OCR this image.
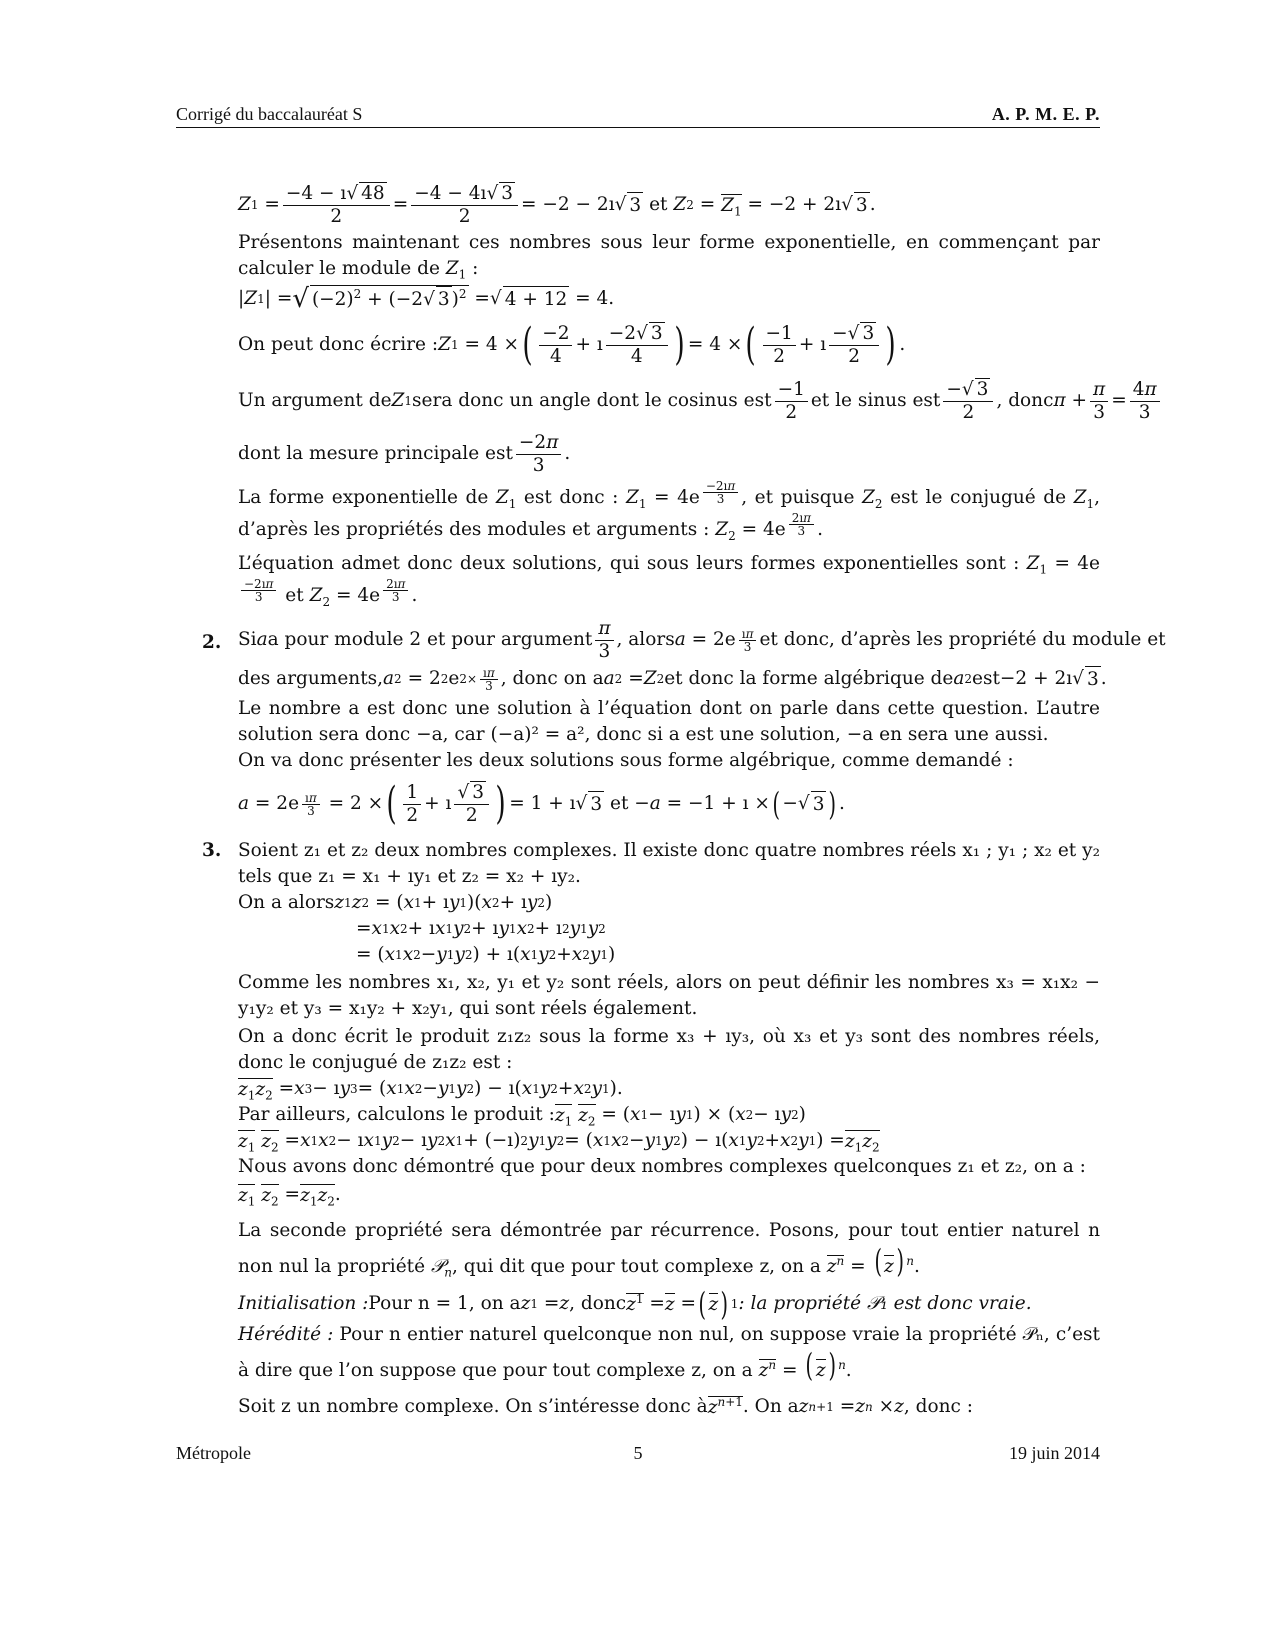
Corrigé du baccalauréat S	A. P. M. E. P.
Z $1 = \frac{-4 - ı√ 48}{2} = \frac{-4 - 4ı√ 3}{2} = -2$ − 2ı √ 3 et Z $2 = Z_1 = -2$ + 2ı √ 3 .
Présentons maintenant ces nombres sous leur forme exponentielle, en commençant par calculer le module de $Z_1$ :
| Z 1 | = √ $(-2)^2 + (-2√$ 3 )$^2$ = √ 4 + 12 = 4.
On peut donc écrire : Z 1 = 4 × ( $\frac{-2}{4}$ + ı $\frac{-2√ 3}{4}$ ) = 4 × ( $\frac{-1}{2}$ + ı $\frac{-√ 3}{2}$ ) .
Un argument de Z 1 sera donc un angle dont le cosinus est $\frac{-1}{2}$ et le sinus est $\frac{-√ 3}{2}$ , donc $\pi + \frac{\pi}{3} = \frac{4\pi}{3}$
dont la mesure principale est $\frac{-2\pi}{3}$ .
La forme exponentielle de $Z_1$ est donc : $Z_1 = 4e$ $^{\frac{-2ı\pi}{3}}$ , et puisque $Z_2$ est le conjugué de $Z_1$, d’après les propriétés des modules et arguments : $Z_2 = 4e$ $^{\frac{2ı\pi}{3}}$ .
L’équation admet donc deux solutions, qui sous leurs formes exponentielles sont : $Z_1 = 4e$
$^{\frac{-2ı\pi}{3}}$ et $Z_2 = 4e$ $^{\frac{2ı\pi}{3}}$ .
2. Si a a pour module 2 et pour argument $\frac{\pi}{3}$ , alors $a = 2e \frac{ı\pi}{3}$ et donc, d’après les propriété du module et
des arguments, a 2 = 2 2 e $2\times \frac{ı\pi}{3}$ , donc on a a 2 = Z 2 et donc la forme algébrique de a 2 est −2 + 2ı √ 3 .
Le nombre a est donc une solution à l’équation dont on parle dans cette question. L’autre solution sera donc −a, car (−a)² = a², donc si a est une solution, −a en sera une aussi.
On va donc présenter les deux solutions sous forme algébrique, comme demandé :
$a = 2e \frac{ı\pi}{3} = 2$ × ( $\frac{1}{2}$ + ı $\frac{√ 3}{2}$ ) = 1 + ı √ 3 et − a = −1 + ı × ( − √ 3 ) .
3. Soient z₁ et z₂ deux nombres complexes. Il existe donc quatre nombres réels x₁ ; y₁ ; x₂ et y₂ tels que z₁ = x₁ + ıy₁ et z₂ = x₂ + ıy₂.
On a alors z 1 z 2 = ( x 1 + ı y 1 )( x 2 + ı y 2 )
= x 1 x 2 + ı x 1 y 2 + ı y 1 x 2 + ı 2 y 1 y 2
= ( x 1 x 2 − y 1 y 2 ) + ı( x 1 y 2 + x 2 y 1 )
Comme les nombres x₁, x₂, y₁ et y₂ sont réels, alors on peut définir les nombres x₃ = x₁x₂ − y₁y₂ et y₃ = x₁y₂ + x₂y₁, qui sont réels également.
On a donc écrit le produit z₁z₂ sous la forme x₃ + ıy₃, où x₃ et y₃ sont des nombres réels, donc le conjugué de z₁z₂ est :
$z_1z_2 = x$ 3 − ı y 3 = ( x 1 x 2 − y 1 y 2 ) − ı( x 1 y 2 + x 2 y 1 ).
Par ailleurs, calculons le produit : $z_1$
$z_2$ = ( x 1 − ı y 1 ) × ( x 2 − ı y 2 )
$z_1$
$z_2 = x$ 1 x 2 − ı x 1 y 2 − ı y 2 x 1 + (−ı) 2 y 1 y 2 = ( x 1 x 2 − y 1 y 2 ) − ı( x 1 y 2 + x 2 y 1 ) = $z_1z_2$
Nous avons donc démontré que pour deux nombres complexes quelconques z₁ et z₂, on a :
$z_1$
$z_2 = z_1z_2$ .
La seconde propriété sera démontrée par récurrence. Posons, pour tout entier naturel n non nul la propriété 𝒫$_n$, qui dit que pour tout complexe z, on a $z^n$ = ( z) $^n$.
Initialisation : Pour n = 1, on a z 1 = z , donc $z^1 = z$ = ( z ) 1 : la propriété 𝒫₁ est donc vraie.
Hérédité : Pour n entier naturel quelconque non nul, on suppose vraie la propriété 𝒫ₙ, c’est à dire que l’on suppose que pour tout complexe z, on a $z^n$ = ( z) $^n$.
Soit z un nombre complexe. On s’intéresse donc à $z^{n+1}$ . On a z n+1 = z n × z , donc :
Métropole	5	19 juin 2014
